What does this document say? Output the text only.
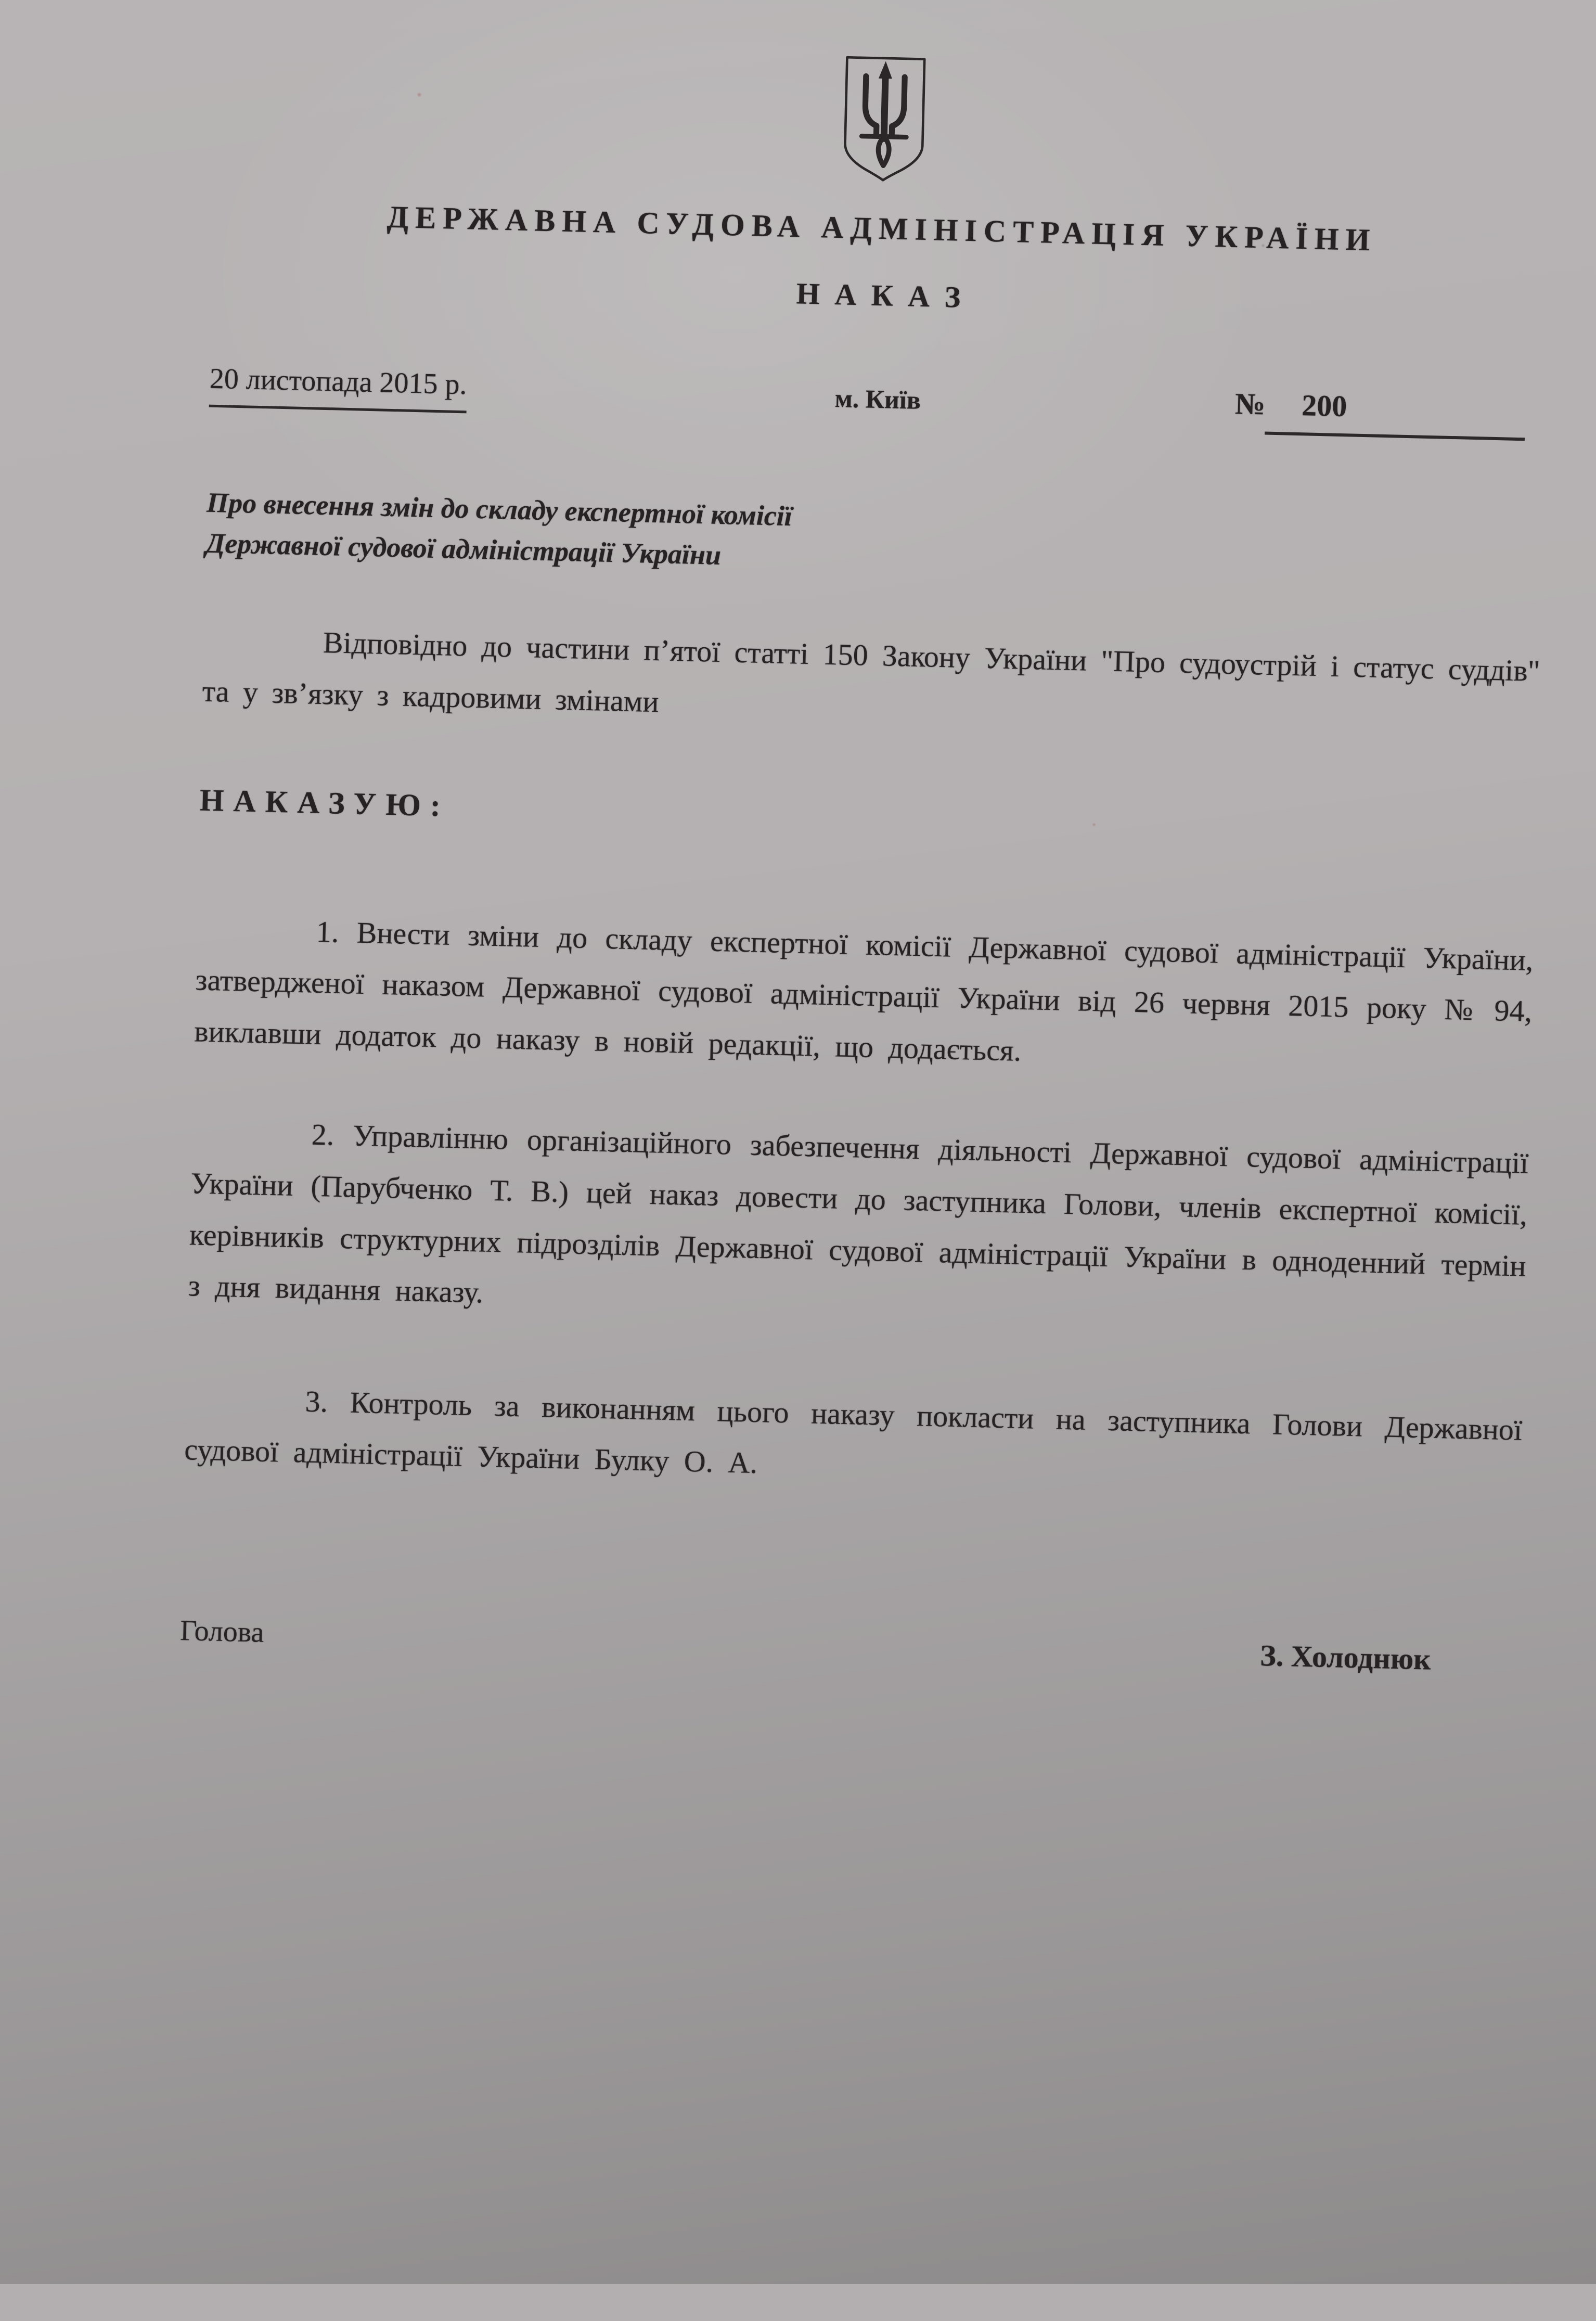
ДЕРЖАВНА СУДОВА АДМІНІСТРАЦІЯ УКРАЇНИ
Н А К А З
20 листопада 2015 р.	м. Київ	№	200
Про внесення змін до складу експертної комісії
Державної судової адміністрації України

Відповідно до частини п’ятої статті 150 Закону України "Про судоустрій і статус суддів" та у зв’язку з кадровими змінами

НАКАЗУЮ:

1. Внести зміни до складу експертної комісії Державної судової адміністрації України, затвердженої наказом Державної судової адміністрації України від 26 червня 2015 року № 94, виклавши додаток до наказу в новій редакції, що додається.

2. Управлінню організаційного забезпечення діяльності Державної судової адміністрації України (Парубченко Т. В.) цей наказ довести до заступника Голови, членів експертної комісії, керівників структурних підрозділів Державної судової адміністрації України в одноденний термін з дня видання наказу.

3. Контроль за виконанням цього наказу покласти на заступника Голови Державної судової адміністрації України Булку О. А.

Голова
З. Холоднюк
